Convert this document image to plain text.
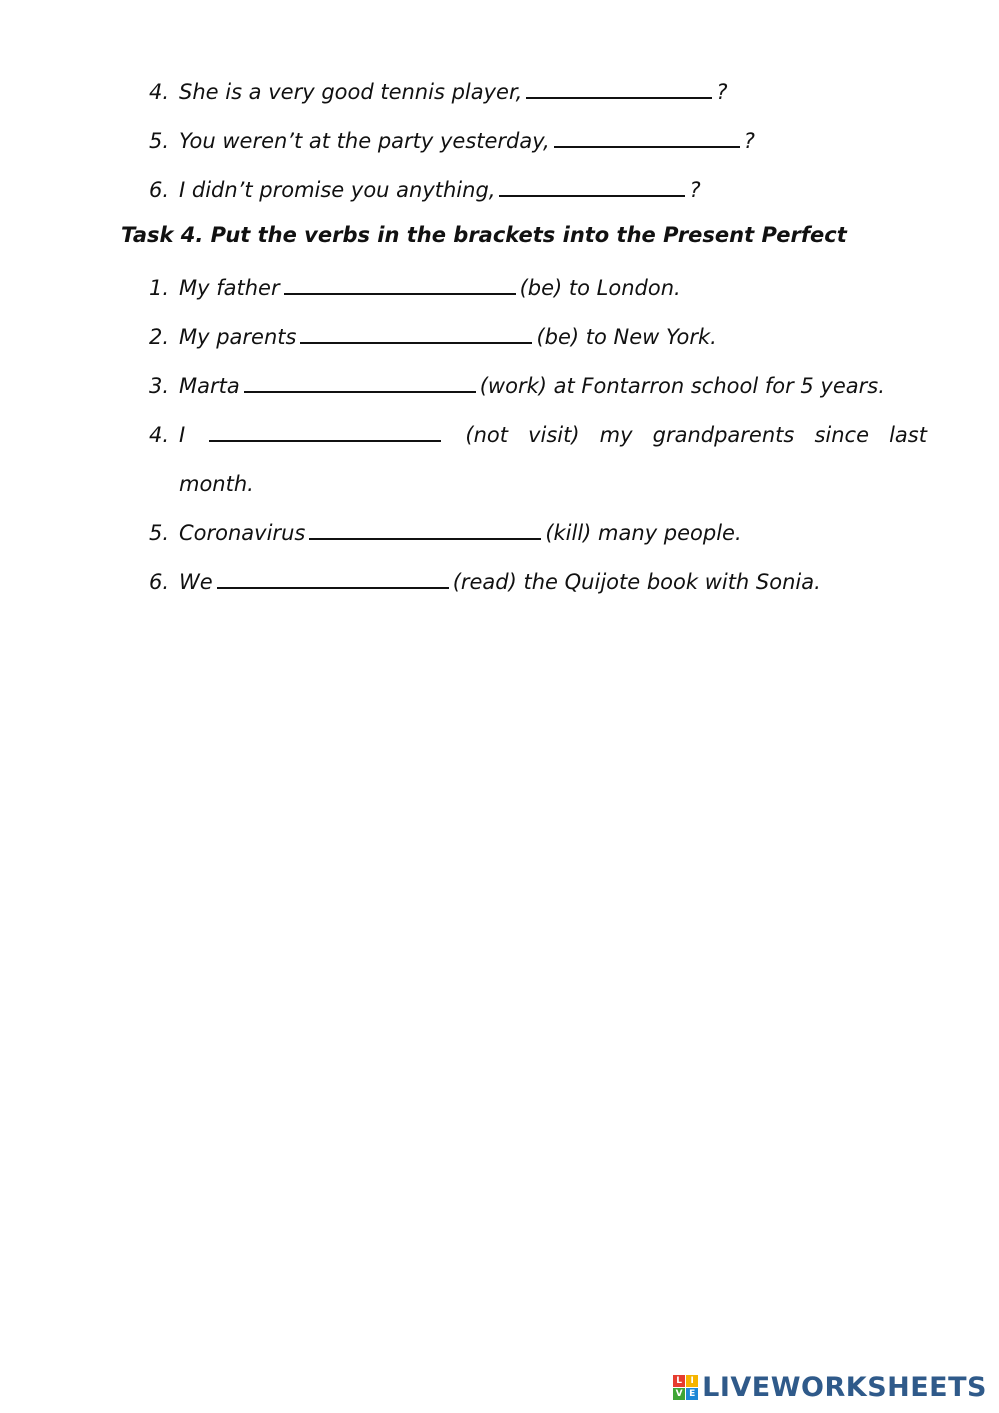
4. She is a very good tennis player,	?
5. You weren’t at the party yesterday,	?
6. I didn’t promise you anything,	?
Task 4. Put the verbs in the brackets into the Present Perfect
1. My father	(be) to London.
2. My parents	(be) to New York.
3. Marta	(work) at Fontarron school for 5 years.
4. I	(not visit) my grandparents since last
month.
5. Coronavirus	(kill) many people.
6. We	(read) the Quijote book with Sonia.
L I
V E LIVEWORKSHEETS
